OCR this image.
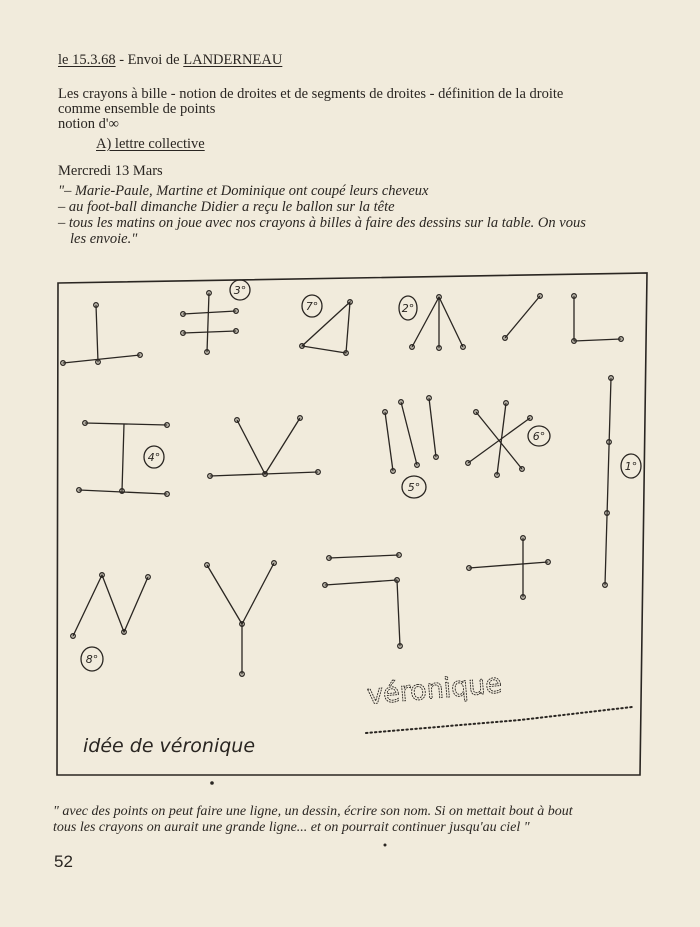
le 15.3.68 - Envoi de LANDERNEAU
Les crayons à bille - notion de droites et de segments de droites - définition de la droite
comme ensemble de points
notion d'∞
A) lettre collective
Mercredi 13 Mars
"– Marie-Paule, Martine et Dominique ont coupé leurs cheveux
– au foot-ball dimanche Didier a reçu le ballon sur la tête
– tous les matins on joue avec nos crayons à billes à faire des dessins sur la table. On vous
les envoie."
3°
7°	2°
4°
5°
6°
1°
8°
véronique
idée de véronique
" avec des points on peut faire une ligne, un dessin, écrire son nom. Si on mettait bout à bout
tous les crayons on aurait une grande ligne... et on pourrait continuer jusqu'au ciel "
52
